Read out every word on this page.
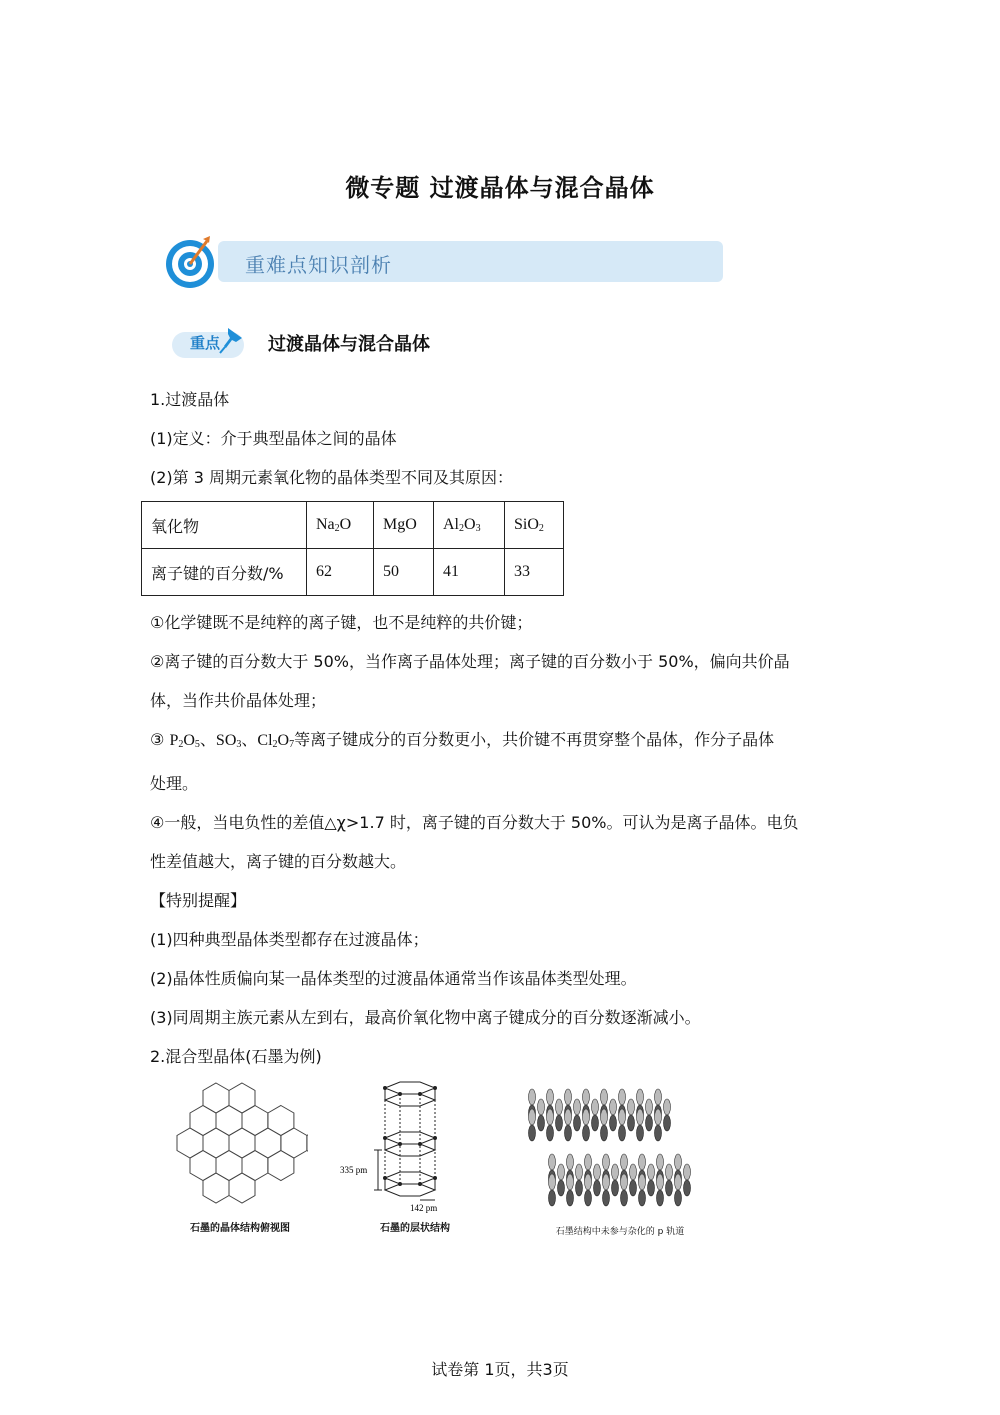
微专题 过渡晶体与混合晶体
重难点知识剖析
重点	过渡晶体与混合晶体

1.过渡晶体

(1)定义：介于典型晶体之间的晶体

(2)第 3 周期元素氧化物的晶体类型不同及其原因：

氧化物	$Na_2O$	MgO	$Al_2O_3$	SiO$_2$
离子键的百分数/%	62	50	41	33

①化学键既不是纯粹的离子键，也不是纯粹的共价键；

②离子键的百分数大于 50%，当作离子晶体处理；离子键的百分数小于 50%，偏向共价晶

体，当作共价晶体处理；

③ $P_2O_5$、$SO_3$、$Cl_2O_7$等离子键成分的百分数更小，共价键不再贯穿整个晶体，作分子晶体

处理。

④一般，当电负性的差值△χ>1.7 时，离子键的百分数大于 50%。可认为是离子晶体。电负

性差值越大，离子键的百分数越大。

【特别提醒】

(1)四种典型晶体类型都存在过渡晶体；

(2)晶体性质偏向某一晶体类型的过渡晶体通常当作该晶体类型处理。

(3)同周期主族元素从左到右，最高价氧化物中离子键成分的百分数逐渐减小。

2.混合型晶体(石墨为例)

石墨的晶体结构俯视图
335 pm
142 pm
石墨的层状结构	石墨结构中未参与杂化的 p 轨道
试卷第 1页，共3页
